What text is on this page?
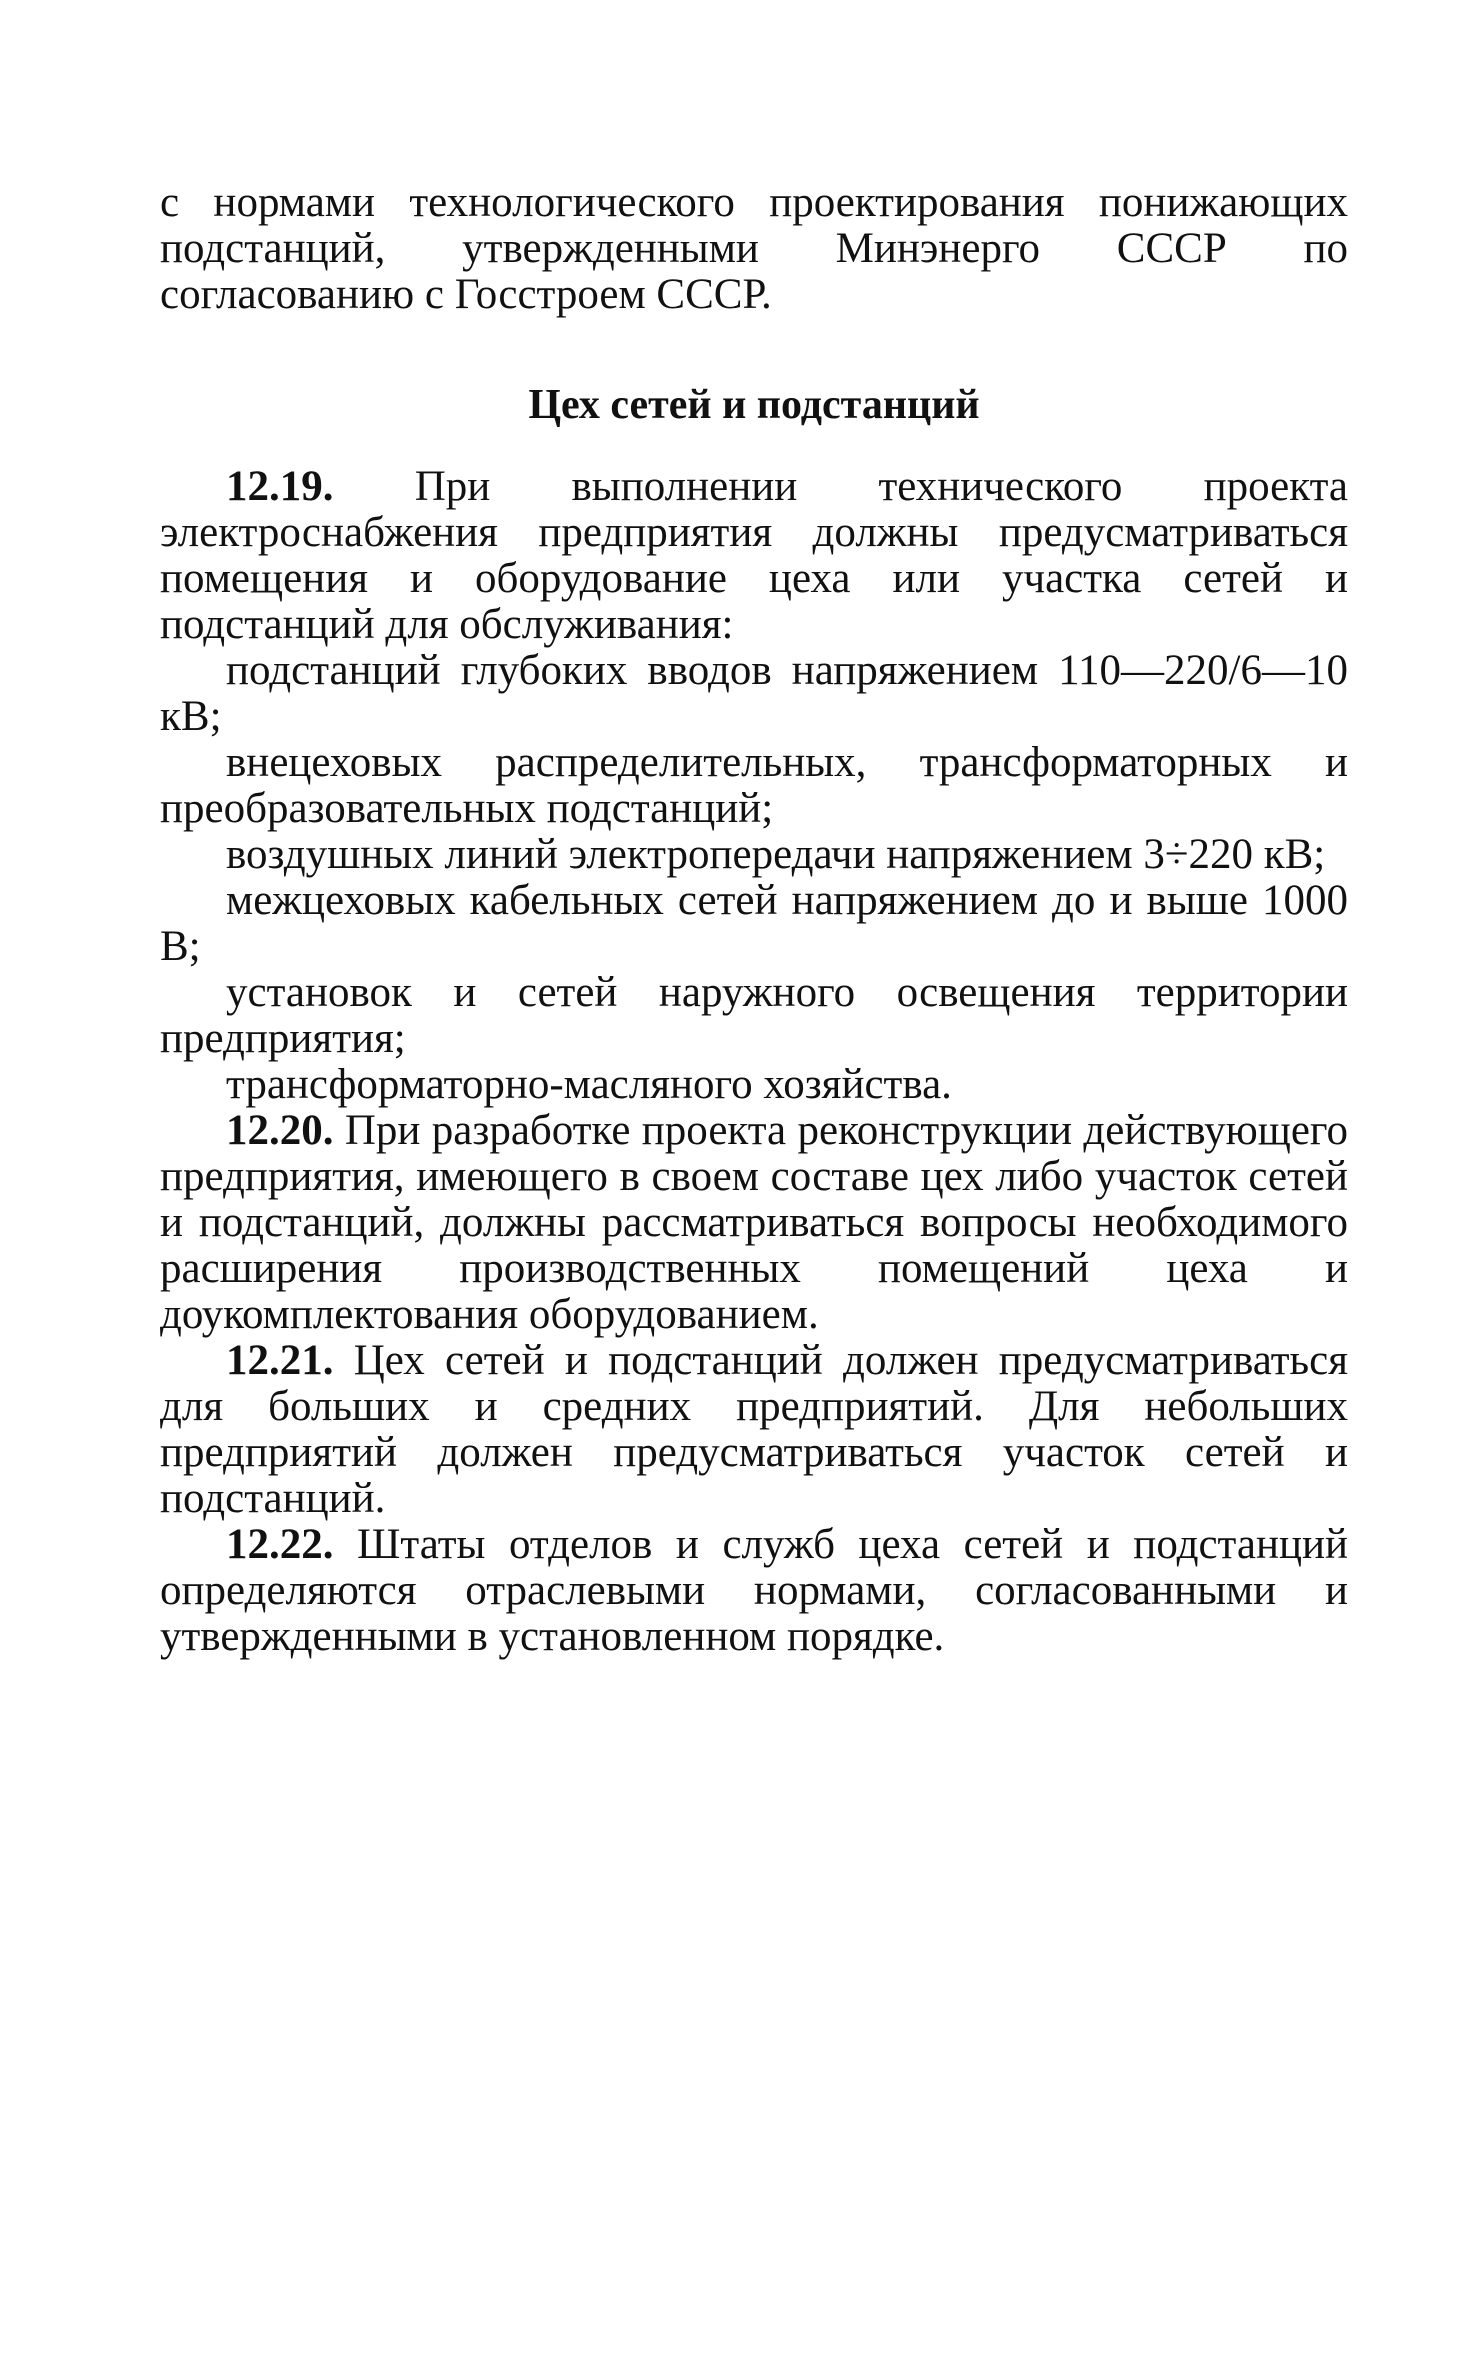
с нормами технологического проектирования понижающих подстанций, утвержденными Минэнерго СССР по согласованию с Госстроем СССР.

Цех сетей и подстанций

12.19. При выполнении технического проекта электроснабжения предприятия должны предусматриваться помещения и оборудование цеха или участка сетей и подстанций для обслуживания:

подстанций глубоких вводов напряжением 110—220/6—10 кВ;

внецеховых распределительных, трансформаторных и преобразовательных подстанций;

воздушных линий электропередачи напряжением 3÷220 кВ;

межцеховых кабельных сетей напряжением до и выше 1000 В;

установок и сетей наружного освещения территории предприятия;

трансформаторно-масляного хозяйства.

12.20. При разработке проекта реконструкции действующего предприятия, имеющего в своем составе цех либо участок сетей и подстанций, должны рассматриваться вопросы необходимого расширения производственных помещений цеха и доукомплектования оборудованием.

12.21. Цех сетей и подстанций должен предусматриваться для больших и средних предприятий. Для небольших предприятий должен предусматриваться участок сетей и подстанций.

12.22. Штаты отделов и служб цеха сетей и подстанций определяются отраслевыми нормами, согласованными и утвержденными в установленном порядке.
